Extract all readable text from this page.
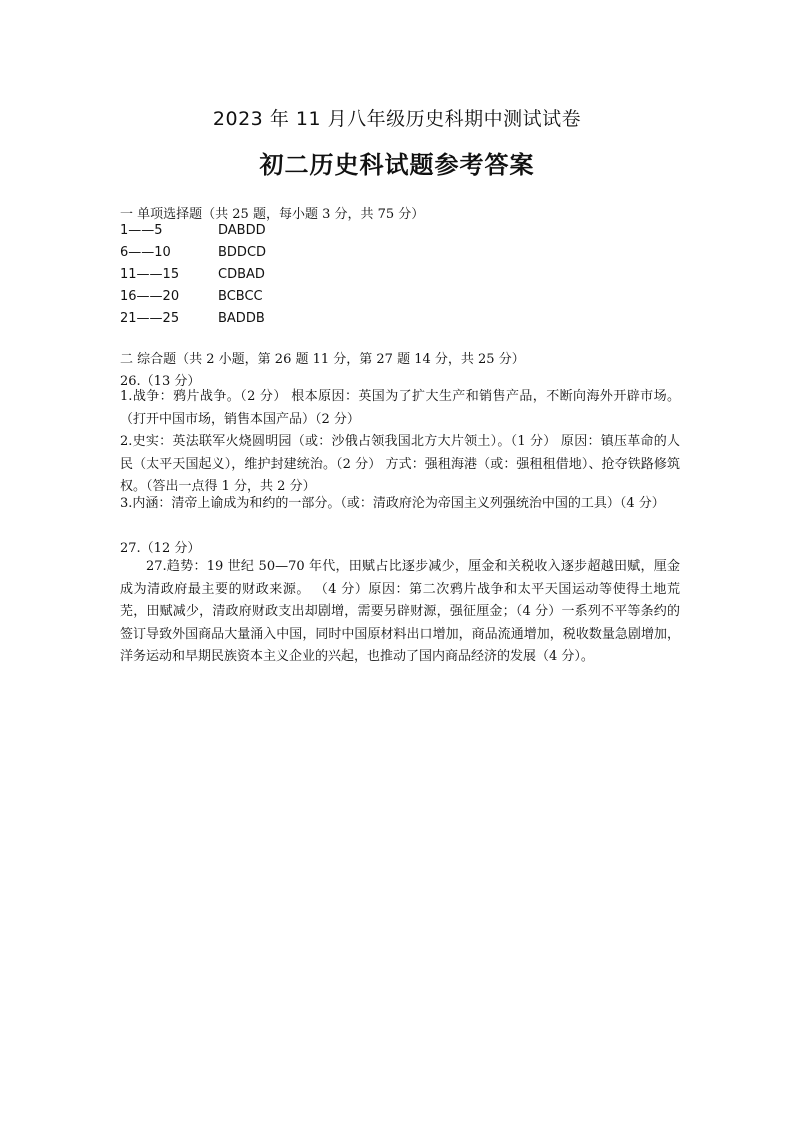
2023 年 11 月八年级历史科期中测试试卷
初二历史科试题参考答案
一 单项选择题（共 25 题，每小题 3 分，共 75 分）
1——5	DABDD
6——10	BDDCD
11——15	CDBAD
16——20	BCBCC
21——25	BADDB
二 综合题（共 2 小题，第 26 题 11 分，第 27 题 14 分，共 25 分）
26.（13 分）
1.战争：鸦片战争。（2 分） 根本原因：英国为了扩大生产和销售产品，不断向海外开辟市场。（打开中国市场，销售本国产品）（2 分）
2.史实：英法联军火烧圆明园（或：沙俄占领我国北方大片领土）。（1 分） 原因：镇压革命的人民（太平天国起义），维护封建统治。（2 分） 方式：强租海港（或：强租租借地）、抢夺铁路修筑权。（答出一点得 1 分，共 2 分）
3.内涵：清帝上谕成为和约的一部分。（或：清政府沦为帝国主义列强统治中国的工具）（4 分）
27.（12 分）
27.趋势：19 世纪 50—70 年代，田赋占比逐步减少，厘金和关税收入逐步超越田赋，厘金成为清政府最主要的财政来源。 （4 分）原因：第二次鸦片战争和太平天国运动等使得土地荒芜，田赋减少，清政府财政支出却剧增，需要另辟财源，强征厘金；（4 分）一系列不平等条约的签订导致外国商品大量涌入中国，同时中国原材料出口增加，商品流通增加，税收数量急剧增加，洋务运动和早期民族资本主义企业的兴起，也推动了国内商品经济的发展（4 分）。
